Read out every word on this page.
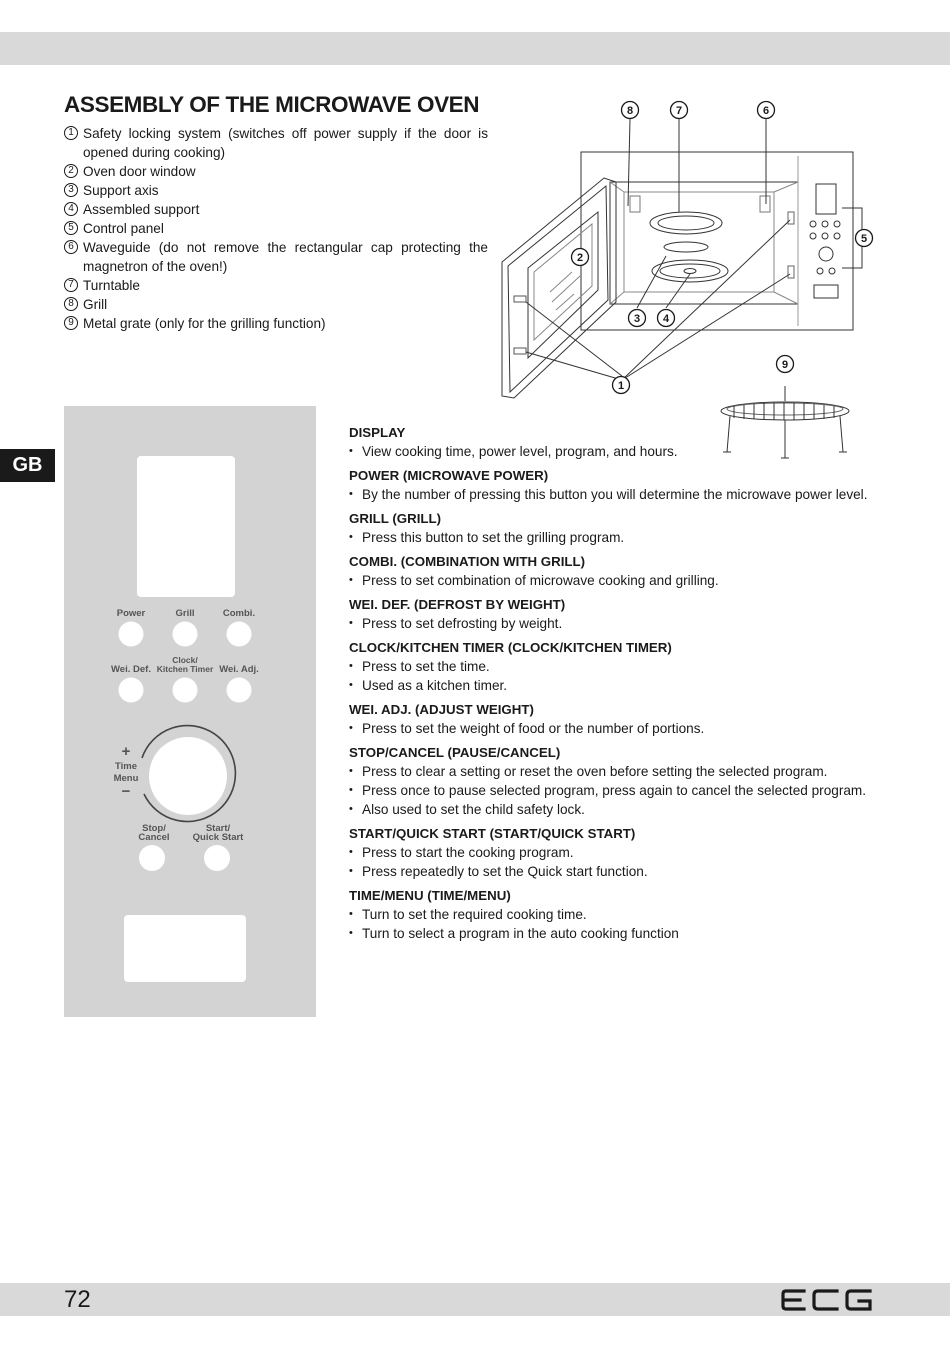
ASSEMBLY OF THE MICROWAVE OVEN
1 Safety locking system (switches off power supply if the door is opened during cooking)
2 Oven door window
3 Support axis
4 Assembled support
5 Control panel
6 Waveguide (do not remove the rectangular cap protecting the magnetron of the oven!)
7 Turntable
8 Grill
9 Metal grate (only for the grilling function)
8	7	6
5
2
3 4
1
9
GB
Power	Grill	Combi.
Clock/
Wei. Def. Kitchen Timer Wei. Adj.
+
Time
Menu
−
Stop/
Cancel
Start/
Quick Start
DISPLAY
• View cooking time, power level, program, and hours.
POWER (MICROWAVE POWER)
• By the number of pressing this button you will determine the microwave power level.
GRILL (GRILL)
• Press this button to set the grilling program.
COMBI. (COMBINATION WITH GRILL)
• Press to set combination of microwave cooking and grilling.
WEI. DEF. (DEFROST BY WEIGHT)
• Press to set defrosting by weight.
CLOCK/KITCHEN TIMER (CLOCK/KITCHEN TIMER)
• Press to set the time.
• Used as a kitchen timer.
WEI. ADJ. (ADJUST WEIGHT)
• Press to set the weight of food or the number of portions.
STOP/CANCEL (PAUSE/CANCEL)
• Press to clear a setting or reset the oven before setting the selected program.
• Press once to pause selected program, press again to cancel the selected program.
• Also used to set the child safety lock.
START/QUICK START (START/QUICK START)
• Press to start the cooking program.
• Press repeatedly to set the Quick start function.
TIME/MENU (TIME/MENU)
• Turn to set the required cooking time.
• Turn to select a program in the auto cooking function
72
